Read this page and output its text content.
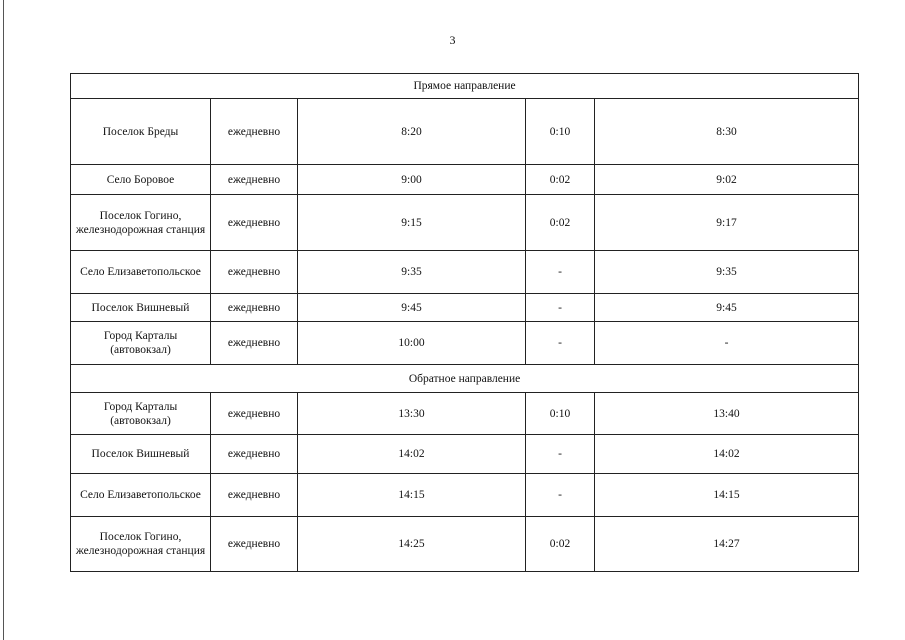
3
Прямое направление				
Поселок Бреды	ежедневно	8:20	0:10	8:30
Село Боровое	ежедневно	9:00	0:02	9:02
Поселок Гогино, железнодорожная станция	ежедневно	9:15	0:02	9:17
Село Елизаветопольское	ежедневно	9:35	-	9:35
Поселок Вишневый	ежедневно	9:45	-	9:45
Город Карталы (автовокзал)	ежедневно	10:00	-	-
Обратное направление				
Город Карталы (автовокзал)	ежедневно	13:30	0:10	13:40
Поселок Вишневый	ежедневно	14:02	-	14:02
Село Елизаветопольское	ежедневно	14:15	-	14:15
Поселок Гогино, железнодорожная станция	ежедневно	14:25	0:02	14:27
